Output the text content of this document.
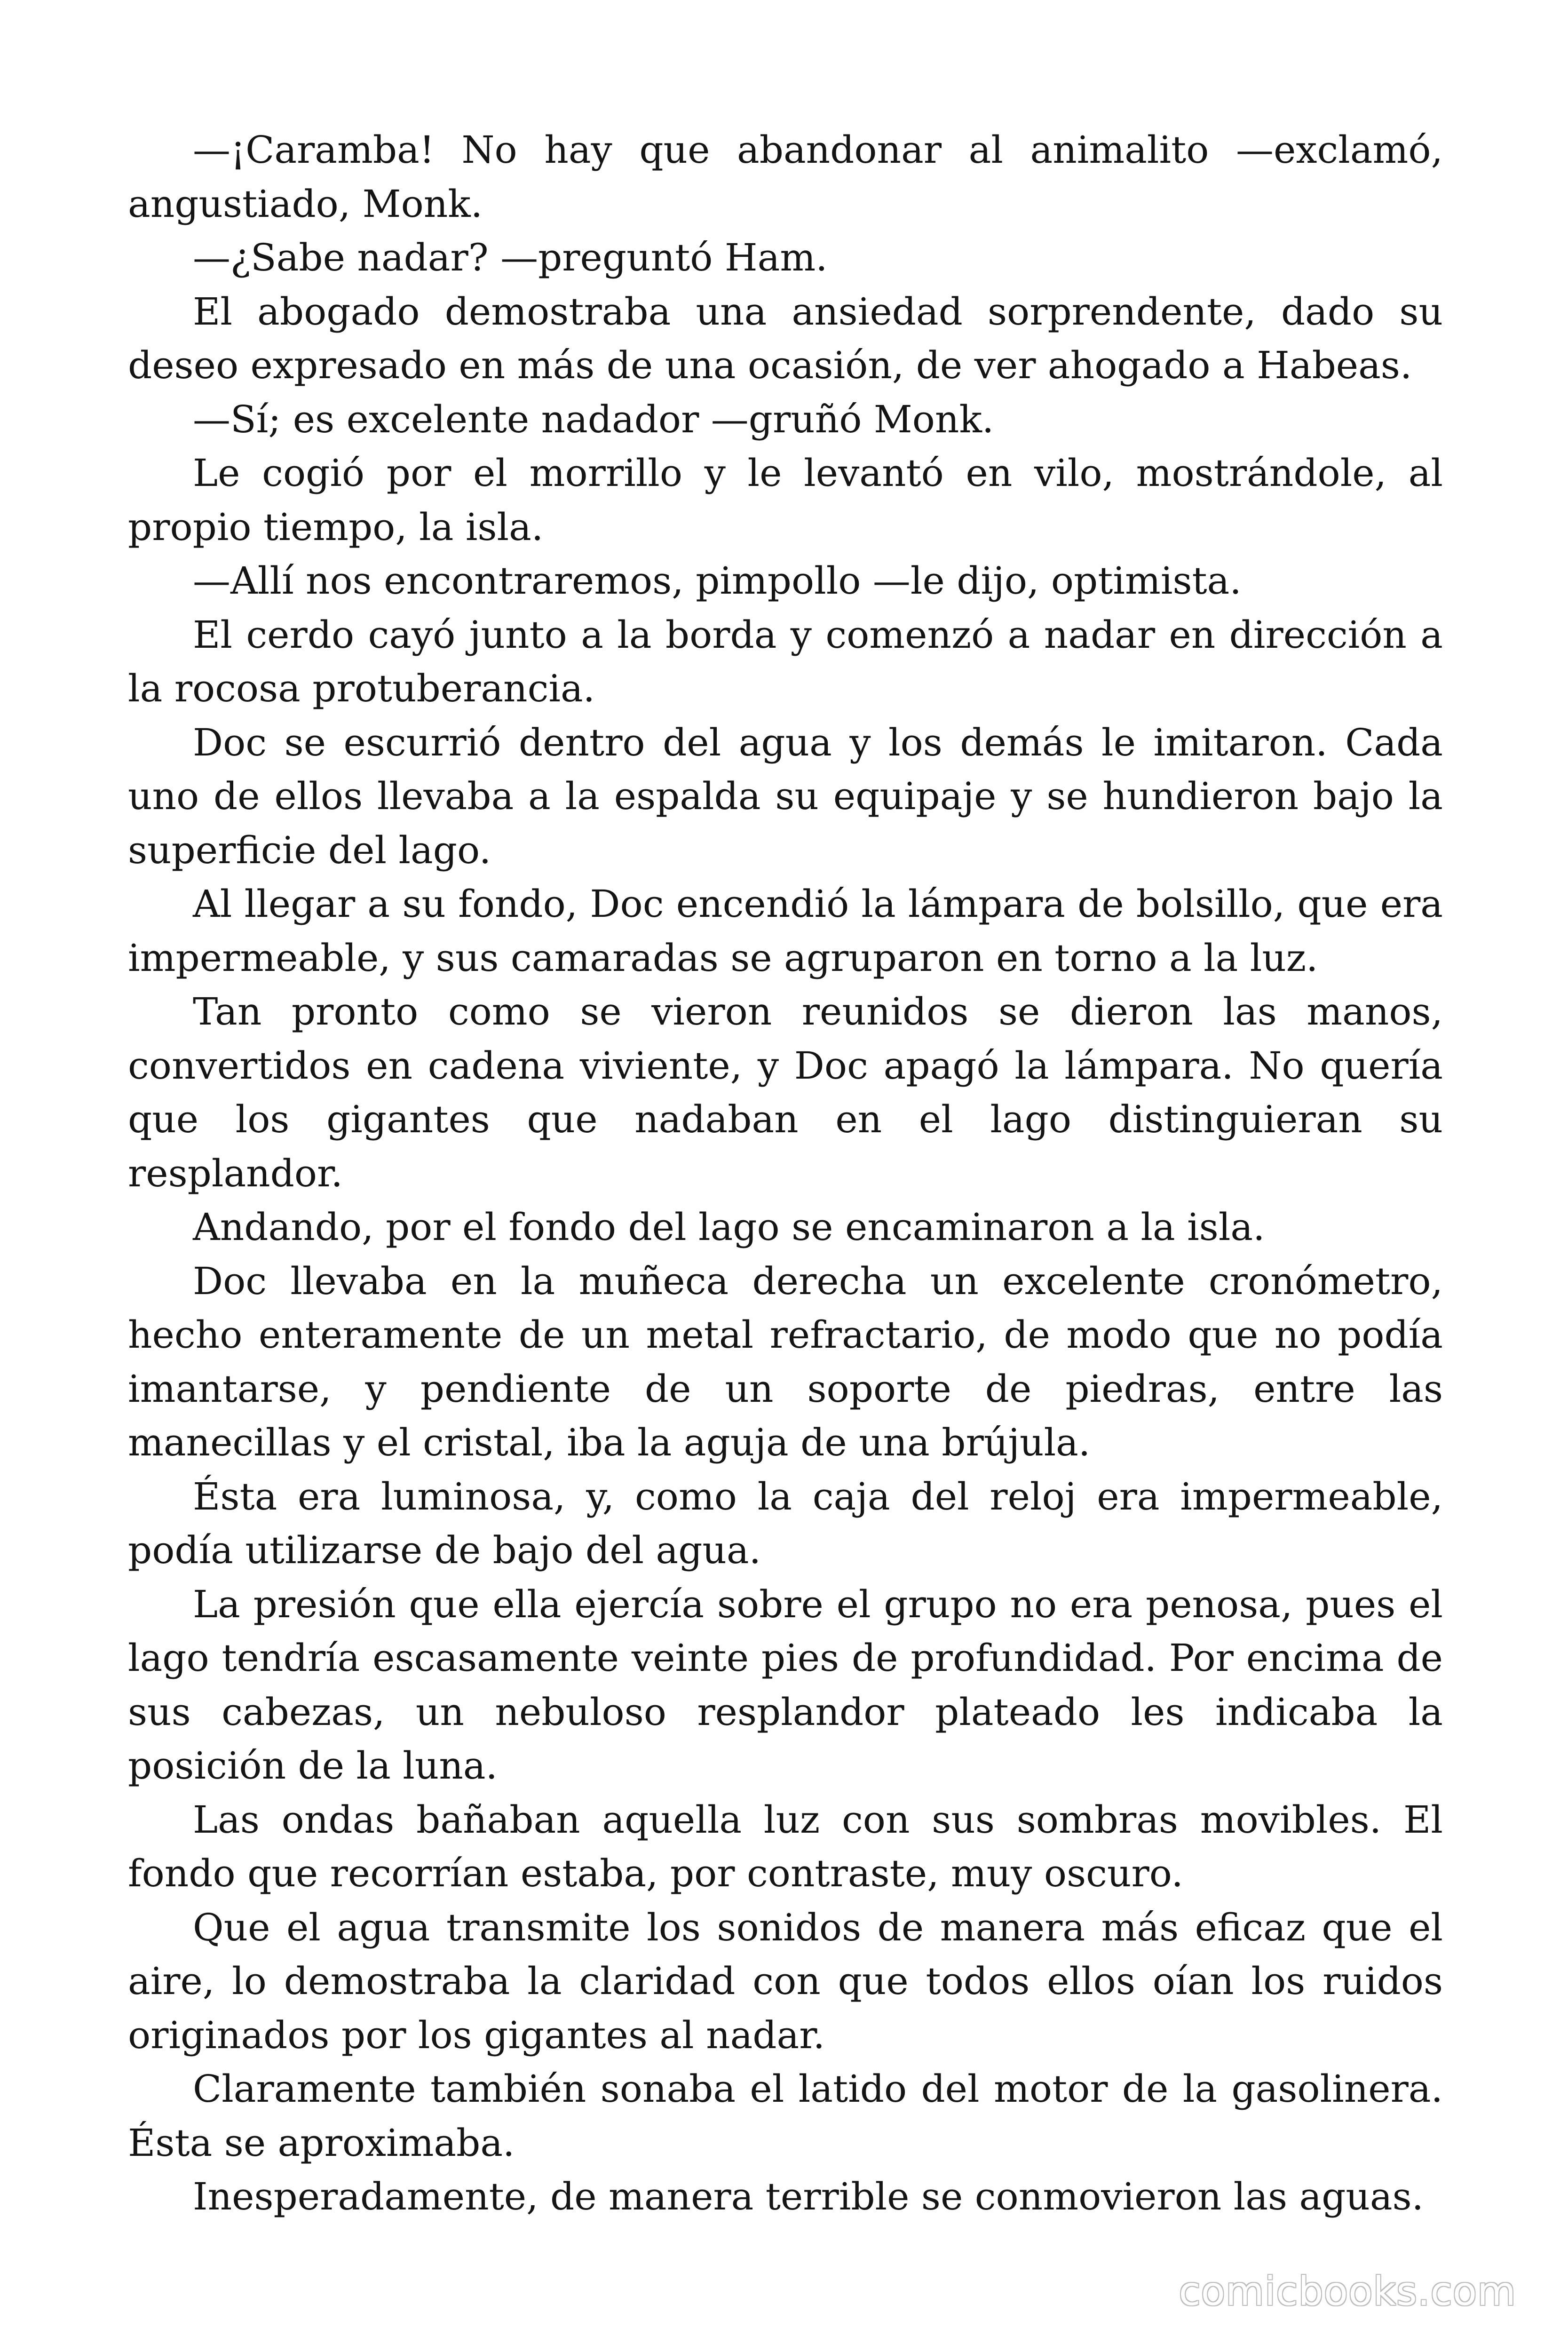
—¡Caramba! No hay que abandonar al animalito —exclamó, angustiado, Monk.

—¿Sabe nadar? —preguntó Ham.

El abogado demostraba una ansiedad sorprendente, dado su deseo expresado en más de una ocasión, de ver ahogado a Habeas.

—Sí; es excelente nadador —gruñó Monk.

Le cogió por el morrillo y le levantó en vilo, mostrándole, al propio tiempo, la isla.

—Allí nos encontraremos, pimpollo —le dijo, optimista.

El cerdo cayó junto a la borda y comenzó a nadar en dirección a la rocosa protuberancia.

Doc se escurrió dentro del agua y los demás le imitaron. Cada uno de ellos llevaba a la espalda su equipaje y se hundieron bajo la superficie del lago.

Al llegar a su fondo, Doc encendió la lámpara de bolsillo, que era impermeable, y sus camaradas se agruparon en torno a la luz.

Tan pronto como se vieron reunidos se dieron las manos, convertidos en cadena viviente, y Doc apagó la lámpara. No quería que los gigantes que nadaban en el lago distinguieran su resplandor.

Andando, por el fondo del lago se encaminaron a la isla.

Doc llevaba en la muñeca derecha un excelente cronómetro, hecho enteramente de un metal refractario, de modo que no podía imantarse, y pendiente de un soporte de piedras, entre las manecillas y el cristal, iba la aguja de una brújula.

Ésta era luminosa, y, como la caja del reloj era impermeable, podía utilizarse de bajo del agua.

La presión que ella ejercía sobre el grupo no era penosa, pues el lago tendría escasamente veinte pies de profundidad. Por encima de sus cabezas, un nebuloso resplandor plateado les indicaba la posición de la luna.

Las ondas bañaban aquella luz con sus sombras movibles. El fondo que recorrían estaba, por contraste, muy oscuro.

Que el agua transmite los sonidos de manera más eficaz que el aire, lo demostraba la claridad con que todos ellos oían los ruidos originados por los gigantes al nadar.

Claramente también sonaba el latido del motor de la gasolinera. Ésta se aproximaba.

Inesperadamente, de manera terrible se conmovieron las aguas.

comicbooks.com
